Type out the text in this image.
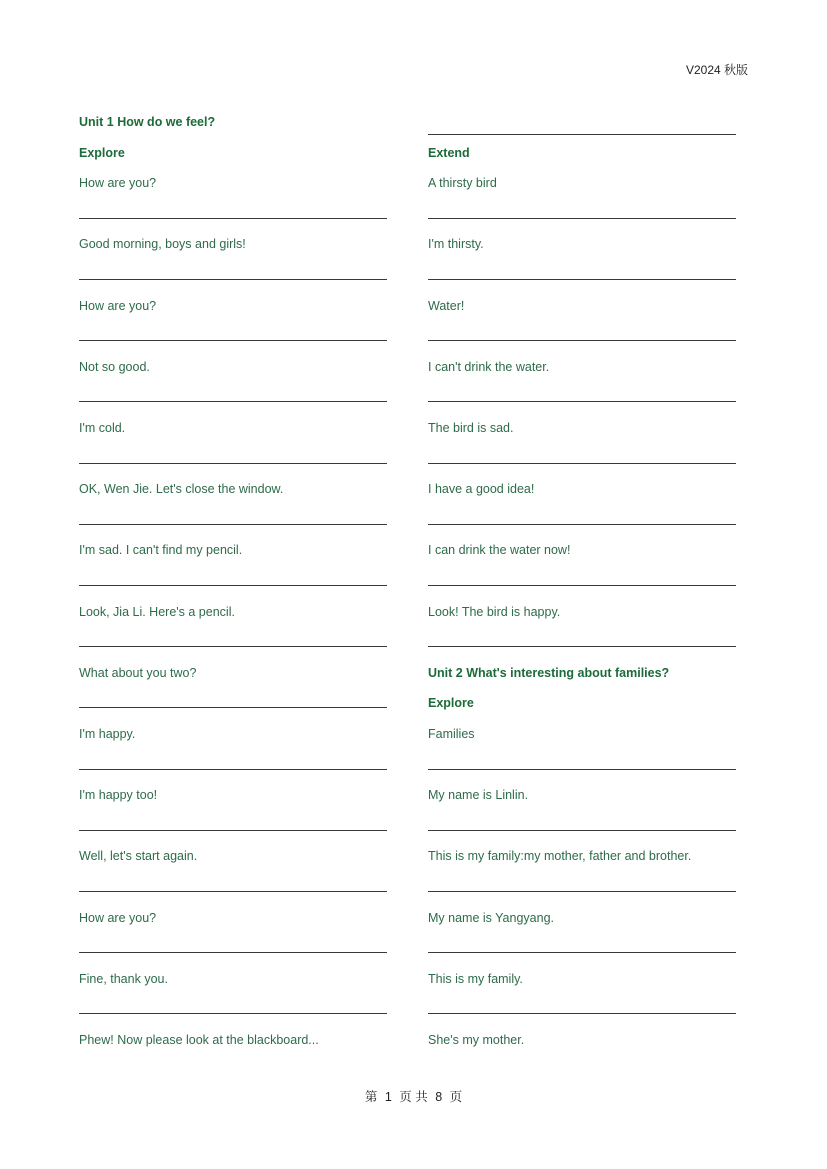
V2024 秋版
Unit 1 How do we feel?
Explore
How are you?
Good morning, boys and girls!
How are you?
Not so good.
I'm cold.
OK, Wen Jie. Let's close the window.
I'm sad. I can't find my pencil.
Look, Jia Li. Here's a pencil.
What about you two?
I'm happy.
I'm happy too!
Well, let's start again.
How are you?
Fine, thank you.
Phew! Now please look at the blackboard...
Extend
A thirsty bird
I'm thirsty.
Water!
I can't drink the water.
The bird is sad.
I have a good idea!
I can drink the water now!
Look! The bird is happy.
Unit 2 What's interesting about families?
Explore
Families
My name is Linlin.
This is my family:my mother, father and brother.
My name is Yangyang.
This is my family.
She's my mother.
第 1 页 共 8 页
